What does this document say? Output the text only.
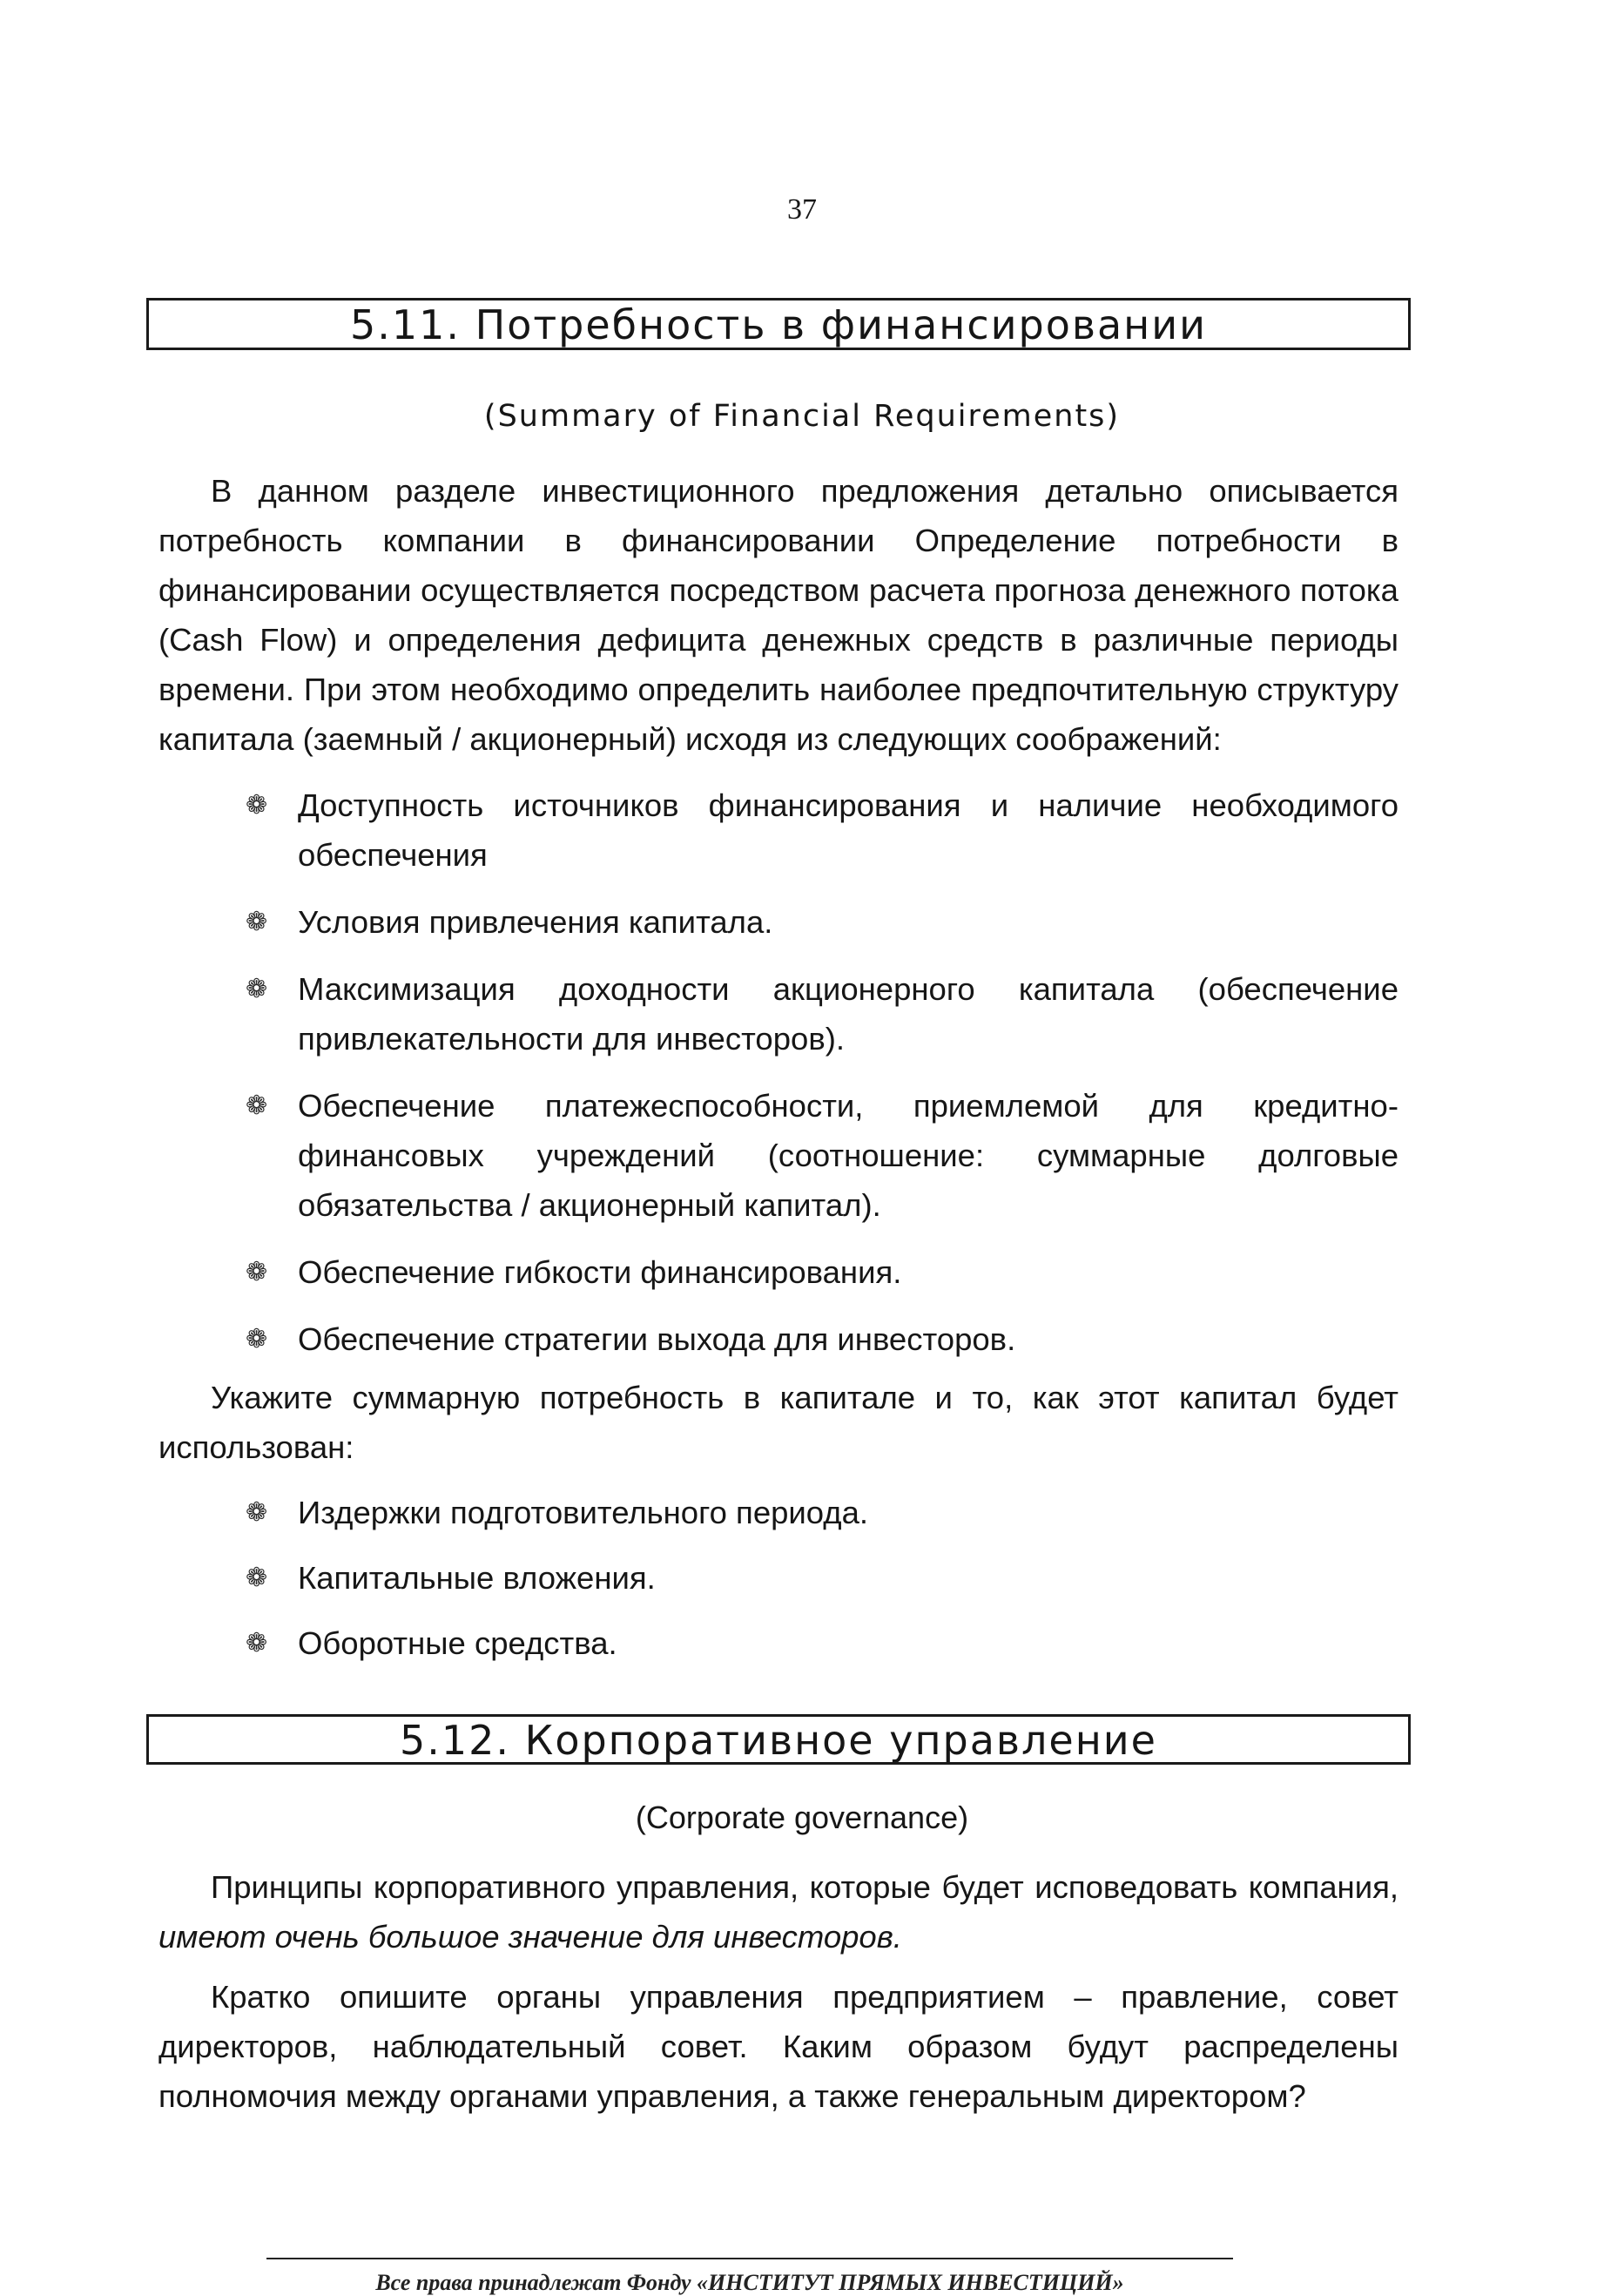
37
5.11. Потребность в финансировании
(Summary of Financial Requirements)
В данном разделе инвестиционного предложения детально описывается потребность компании в финансировании Определение потребности в финансировании осуществляется посредством расчета прогноза денежного потока (Cash Flow) и определения дефицита денежных средств в различные периоды времени. При этом необходимо определить наиболее предпочтительную структуру капитала (заемный / акционерный) исходя из следующих соображений:
❁ Доступность источников финансирования и наличие необходимого обеспечения
❁ Условия привлечения капитала.
❁ Максимизация доходности акционерного капитала (обеспечение привлекательности для инвесторов).
❁ Обеспечение платежеспособности, приемлемой для кредитно-финансовых учреждений (соотношение: суммарные долговые обязательства / акционерный капитал).
❁ Обеспечение гибкости финансирования.
❁ Обеспечение стратегии выхода для инвесторов.
Укажите суммарную потребность в капитале и то, как этот капитал будет использован:
❁ Издержки подготовительного периода.
❁ Капитальные вложения.
❁ Оборотные средства.
5.12. Корпоративное управление
(Corporate governance)
Принципы корпоративного управления, которые будет исповедовать компания, имеют очень большое значение для инвесторов.
Кратко опишите органы управления предприятием – правление, совет директоров, наблюдательный совет. Каким образом будут распределены полномочия между органами управления, а также генеральным директором?
Все права принадлежат Фонду «ИНСТИТУТ ПРЯМЫХ ИНВЕСТИЦИЙ»
